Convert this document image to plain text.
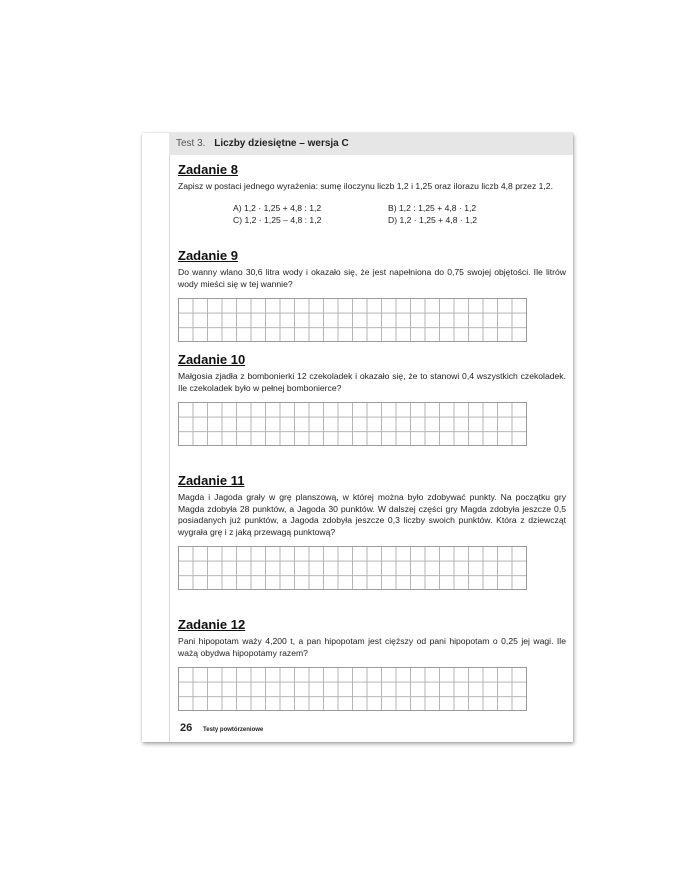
Test 3. Liczby dziesiętne – wersja C
Zadanie 8

Zapisz w postaci jednego wyrażenia: sumę iloczynu liczb 1,2 i 1,25 oraz ilorazu liczb 4,8 przez 1,2.

A) 1,2 · 1,25 + 4,8 : 1,2	B) 1,2 : 1,25 + 4,8 · 1,2
C) 1,2 · 1,25 – 4,8 : 1,2	D) 1,2 · 1,25 + 4,8 · 1,2
Zadanie 9

Do wanny wlano 30,6 litra wody i okazało się, że jest napełniona do 0,75 swojej objętości. Ile litrów wody mieści się w tej wannie?

Zadanie 10

Małgosia zjadła z bombonierki 12 czekoladek i okazało się, że to stanowi 0,4 wszystkich czekoladek. Ile czekoladek było w pełnej bombonierce?

Zadanie 11

Magda i Jagoda grały w grę planszową, w której można było zdobywać punkty. Na początku gry Magda zdobyła 28 punktów, a Jagoda 30 punktów. W dalszej części gry Magda zdobyła jeszcze 0,5 posiadanych już punktów, a Jagoda zdobyła jeszcze 0,3 liczby swoich punktów. Która z dziewcząt wygrała grę i z jaką przewagą punktową?

Zadanie 12

Pani hipopotam waży 4,200 t, a pan hipopotam jest cięższy od pani hipopotam o 0,25 jej wagi. Ile ważą obydwa hipopotamy razem?

26 Testy powtórzeniowe
